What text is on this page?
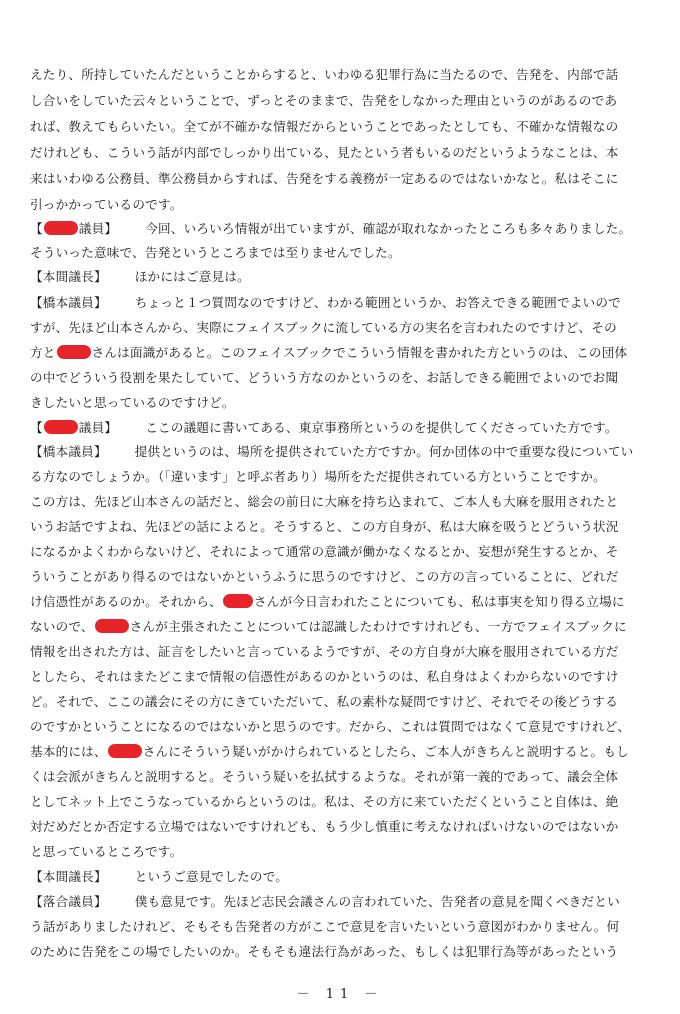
えたり、所持していたんだということからすると、いわゆる犯罪行為に当たるので、告発を、内部で話
し合いをしていた云々ということで、ずっとそのままで、告発をしなかった理由というのがあるのであ
れば、教えてもらいたい。全てが不確かな情報だからということであったとしても、不確かな情報なの
だけれども、こういう話が内部でしっかり出ている、見たという者もいるのだというようなことは、本
来はいわゆる公務員、準公務員からすれば、告発をする義務が一定あるのではないかなと。私はそこに
引っかかっているのです。
【	議員】 今回、いろいろ情報が出ていますが、確認が取れなかったところも多々ありました。
そういった意味で、告発というところまでは至りませんでした。
【本間議長】 ほかにはご意見は。
【橋本議員】 ちょっと１つ質問なのですけど、わかる範囲というか、お答えできる範囲でよいので
すが、先ほど山本さんから、実際にフェイスブックに流している方の実名を言われたのですけど、その
方と	さんは面識があると。このフェイスブックでこういう情報を書かれた方というのは、この団体
の中でどういう役割を果たしていて、どういう方なのかというのを、お話しできる範囲でよいのでお聞
きしたいと思っているのですけど。
【	議員】 ここの議題に書いてある、東京事務所というのを提供してくださっていた方です。
【橋本議員】 提供というのは、場所を提供されていた方ですか。何か団体の中で重要な役についてい
る方なのでしょうか。（「違います」と呼ぶ者あり）場所をただ提供されている方ということですか。
この方は、先ほど山本さんの話だと、総会の前日に大麻を持ち込まれて、ご本人も大麻を服用されたと
いうお話ですよね、先ほどの話によると。そうすると、この方自身が、私は大麻を吸うとどういう状況
になるかよくわからないけど、それによって通常の意識が働かなくなるとか、妄想が発生するとか、そ
ういうことがあり得るのではないかというふうに思うのですけど、この方の言っていることに、どれだ
け信憑性があるのか。それから、	さんが今日言われたことについても、私は事実を知り得る立場に
ないので、	さんが主張されたことについては認識したわけですけれども、一方でフェイスブックに
情報を出された方は、証言をしたいと言っているようですが、その方自身が大麻を服用されている方だ
としたら、それはまたどこまで情報の信憑性があるのかというのは、私自身はよくわからないのですけ
ど。それで、ここの議会にその方にきていただいて、私の素朴な疑問ですけど、それでその後どうする
のですかということになるのではないかと思うのです。だから、これは質問ではなくて意見ですけれど、
基本的には、	さんにそういう疑いがかけられているとしたら、ご本人がきちんと説明すると。もし
くは会派がきちんと説明すると。そういう疑いを払拭するような。それが第一義的であって、議会全体
としてネット上でこうなっているからというのは。私は、その方に来ていただくということ自体は、絶
対だめだとか否定する立場ではないですけれども、もう少し慎重に考えなければいけないのではないか
と思っているところです。
【本間議長】 というご意見でしたので。
【落合議員】 僕も意見です。先ほど志民会議さんの言われていた、告発者の意見を聞くべきだとい
う話がありましたけれど、そもそも告発者の方がここで意見を言いたいという意図がわかりません。何
のために告発をこの場でしたいのか。そもそも違法行為があった、もしくは犯罪行為等があったという
－ 11 －
